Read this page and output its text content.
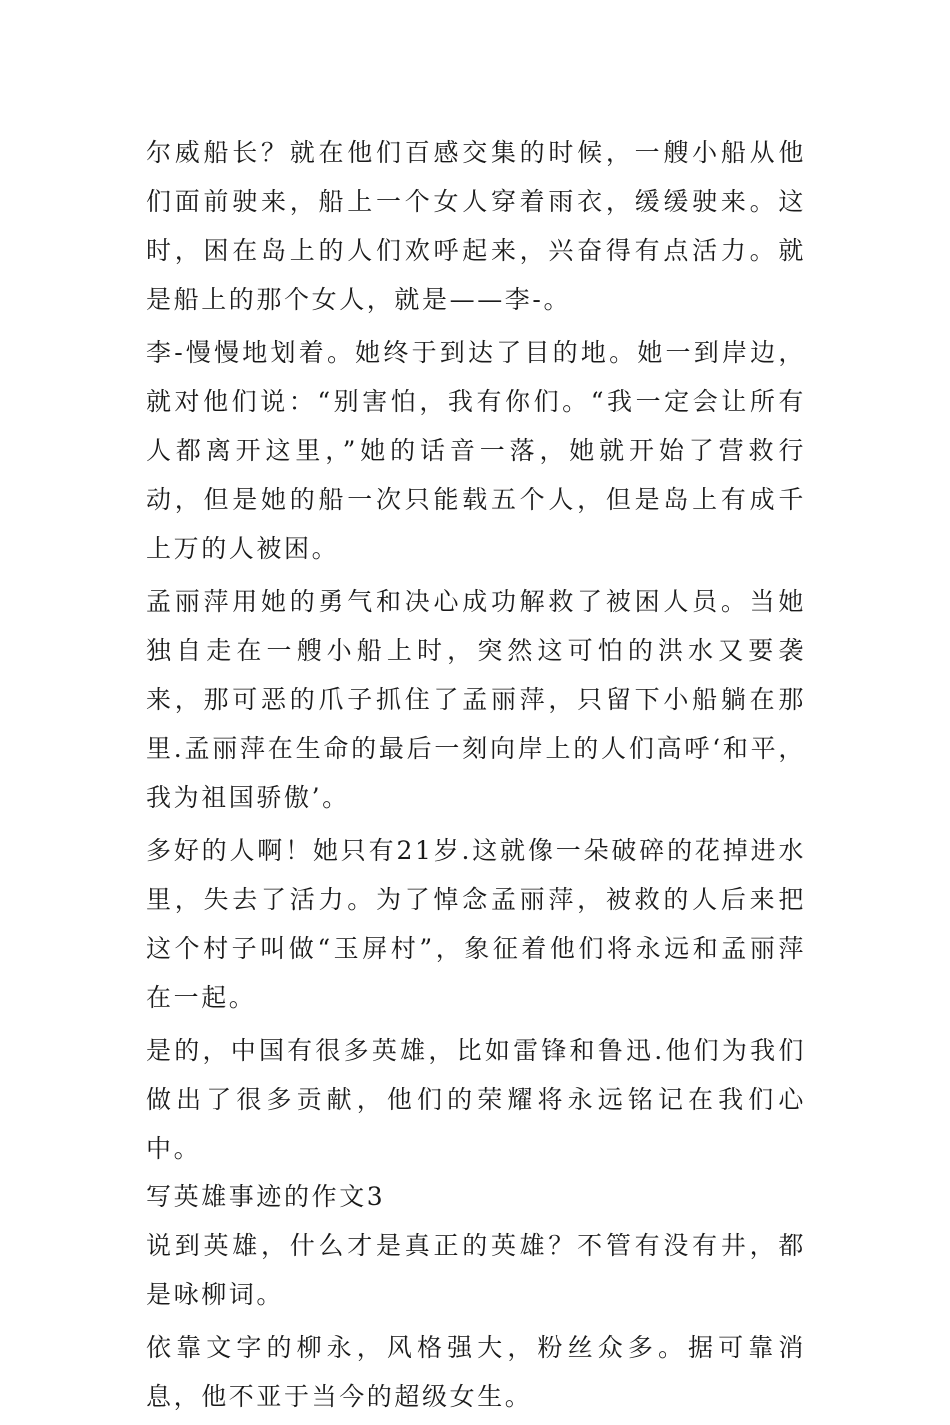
尔威船长？就在他们百感交集的时候，一艘小船从他们面前驶来，船上一个女人穿着雨衣，缓缓驶来。这时，困在岛上的人们欢呼起来，兴奋得有点活力。就是船上的那个女人，就是——李-。

李-慢慢地划着。她终于到达了目的地。她一到岸边，就对他们说：“别害怕，我有你们。“我一定会让所有人都离开这里，”她的话音一落，她就开始了营救行动，但是她的船一次只能载五个人，但是岛上有成千上万的人被困。

孟丽萍用她的勇气和决心成功解救了被困人员。当她独自走在一艘小船上时，突然这可怕的洪水又要袭来，那可恶的爪子抓住了孟丽萍，只留下小船躺在那里.孟丽萍在生命的最后一刻向岸上的人们高呼‘和平，我为祖国骄傲’。

多好的人啊！她只有21岁.这就像一朵破碎的花掉进水里，失去了活力。为了悼念孟丽萍，被救的人后来把这个村子叫做“玉屏村”，象征着他们将永远和孟丽萍在一起。

是的，中国有很多英雄，比如雷锋和鲁迅.他们为我们做出了很多贡献，他们的荣耀将永远铭记在我们心中。

写英雄事迹的作文3

说到英雄，什么才是真正的英雄？不管有没有井，都是咏柳词。

依靠文字的柳永，风格强大，粉丝众多。据可靠消息，他不亚于当今的超级女生。
